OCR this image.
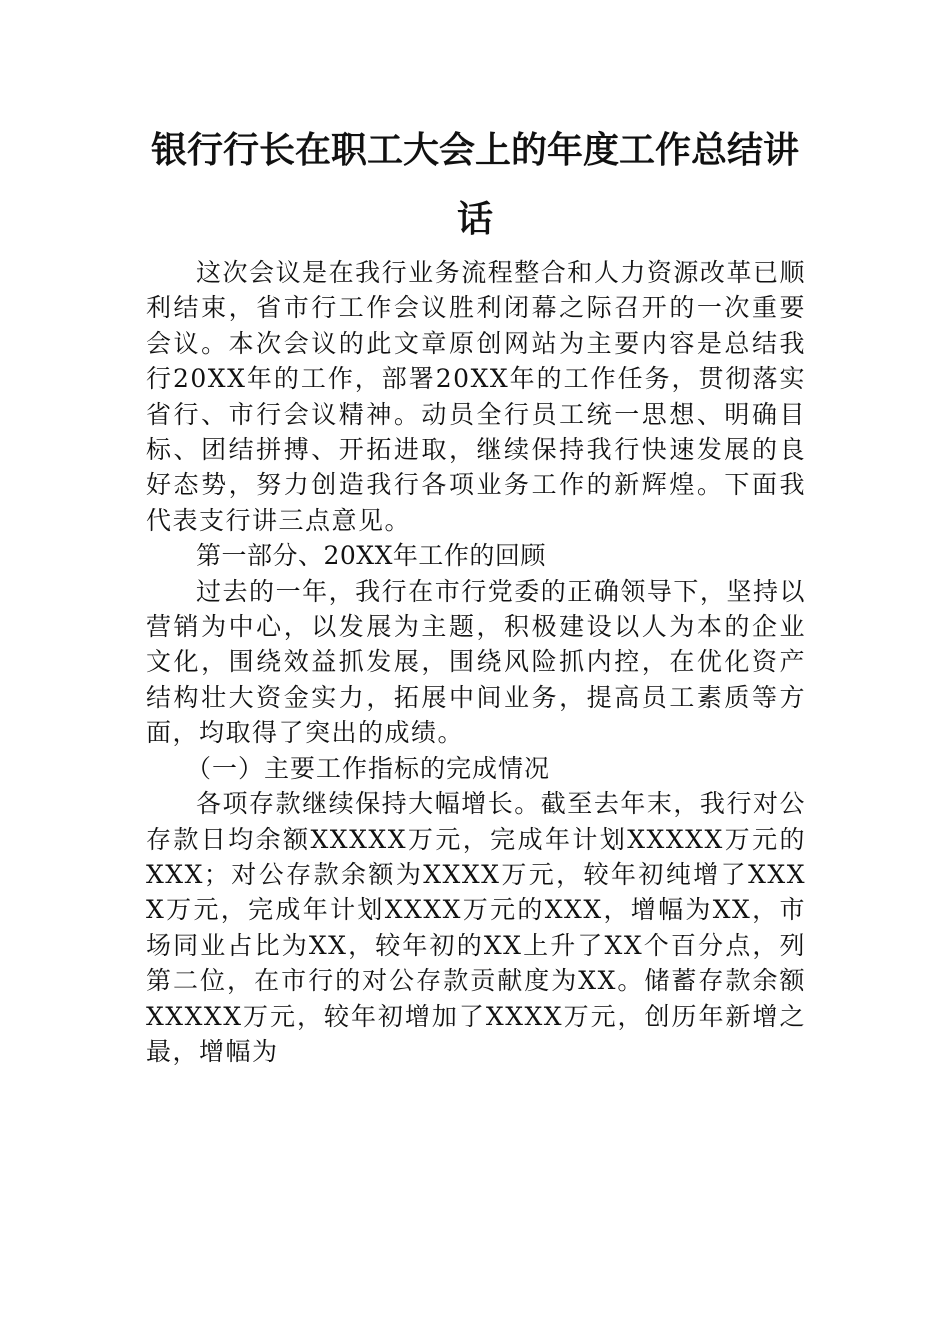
银行行长在职工大会上的年度工作总结讲
话

这次会议是在我行业务流程整合和人力资源改革已顺利结束，省市行工作会议胜利闭幕之际召开的一次重要会议。本次会议的此文章原创网站为主要内容是总结我行20XX年的工作，部署20XX年的工作任务，贯彻落实省行、市行会议精神。动员全行员工统一思想、明确目标、团结拼搏、开拓进取，继续保持我行快速发展的良好态势，努力创造我行各项业务工作的新辉煌。下面我代表支行讲三点意见。

第一部分、20XX年工作的回顾

过去的一年，我行在市行党委的正确领导下，坚持以营销为中心，以发展为主题，积极建设以人为本的企业文化，围绕效益抓发展，围绕风险抓内控，在优化资产结构壮大资金实力，拓展中间业务，提高员工素质等方面，均取得了突出的成绩。

（一）主要工作指标的完成情况

各项存款继续保持大幅增长。截至去年末，我行对公存款日均余额XXXXX万元，完成年计划XXXXX万元的XXX；对公存款余额为XXXX万元，较年初纯增了XXXX万元，完成年计划XXXX万元的XXX，增幅为XX，市场同业占比为XX，较年初的XX上升了XX个百分点，列第二位，在市行的对公存款贡献度为XX。储蓄存款余额XXXXX万元，较年初增加了XXXX万元，创历年新增之最，增幅为
